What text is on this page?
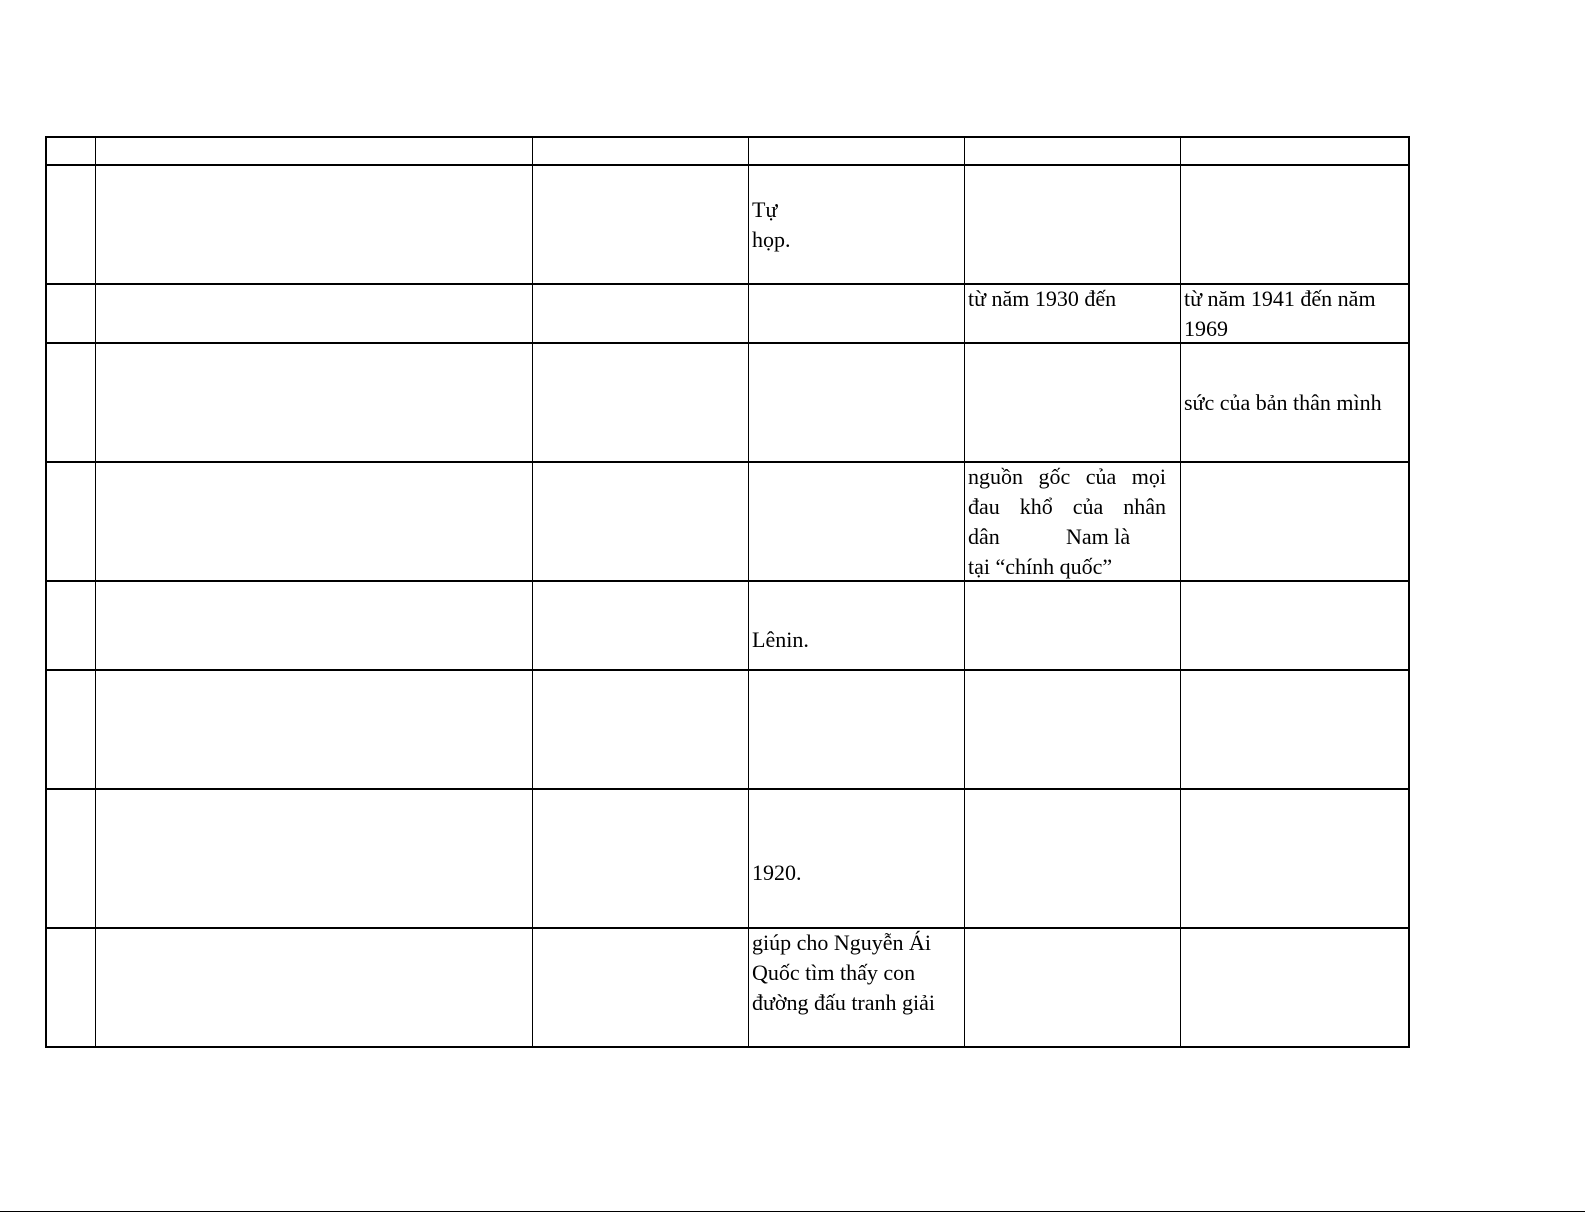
Tự
họp.
từ năm 1930 đến	từ năm 1941 đến năm
1969
sức của bản thân mình
nguồn gốc của mọi
đau khổ của nhân
dân	Nam là
tại “chính quốc”
Lênin.
1920.
giúp cho Nguyễn Ái
Quốc tìm thấy con
đường đấu tranh giải
